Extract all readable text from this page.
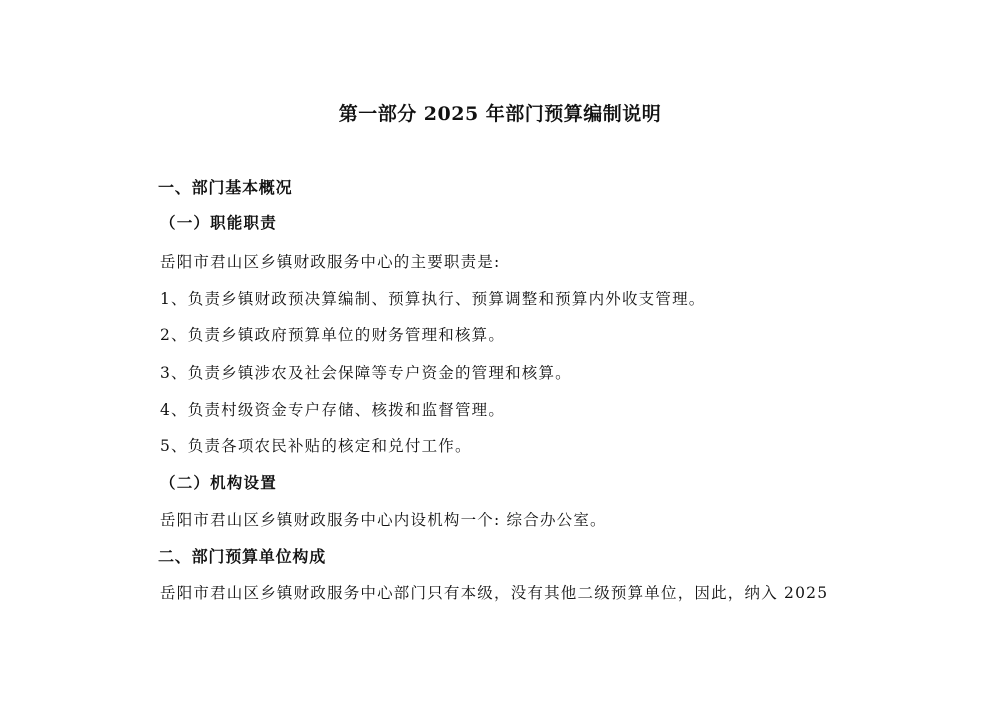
第一部分 2025 年部门预算编制说明
一、部门基本概况
（一）职能职责
岳阳市君山区乡镇财政服务中心的主要职责是:
1、负责乡镇财政预决算编制、预算执行、预算调整和预算内外收支管理。
2、负责乡镇政府预算单位的财务管理和核算。
3、负责乡镇涉农及社会保障等专户资金的管理和核算。
4、负责村级资金专户存储、核拨和监督管理。
5、负责各项农民补贴的核定和兑付工作。
（二）机构设置
岳阳市君山区乡镇财政服务中心内设机构一个: 综合办公室。
二、部门预算单位构成
岳阳市君山区乡镇财政服务中心部门只有本级，没有其他二级预算单位，因此，纳入 2025
